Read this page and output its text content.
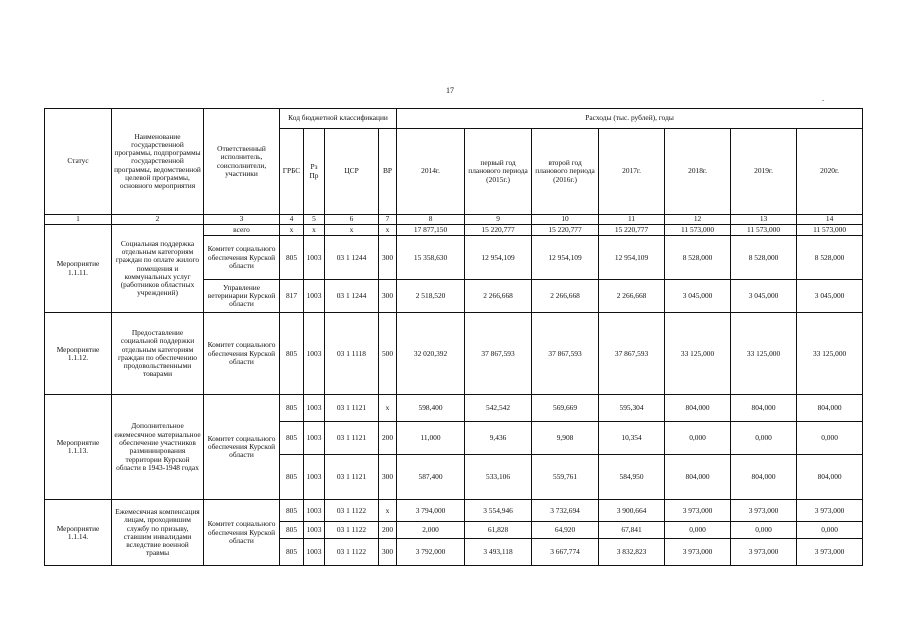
17
.
Статус	Наименование государственной программы, подпрограммы государственной программы, ведомственной целевой программы, основного мероприятия	Ответственный исполнитель, соисполнители, участники	Код бюджетной классификации				Расходы (тыс. рублей), годы						
			ГРБС	Рз Пр	ЦСР	ВР	2014г.	первый год планового периода (2015г.)	второй год планового периода (2016г.)	2017г.	2018г.	2019г.	2020г.
1	2	3	4	5	6	7	8	9	10	11	12	13	14
Мероприятие 1.1.11.	Социальная поддержка отдельным категориям граждан по оплате жилого помещения и коммунальных услуг (работников областных учреждений)	всего	х	х	х	х	17 877,150	15 220,777	15 220,777	15 220,777	11 573,000	11 573,000	11 573,000
		Комитет социального обеспечения Курской области	805	1003	03 1 1244	300	15 358,630	12 954,109	12 954,109	12 954,109	8 528,000	8 528,000	8 528,000
		Управление ветеринарии Курской области	817	1003	03 1 1244	300	2 518,520	2 266,668	2 266,668	2 266,668	3 045,000	3 045,000	3 045,000
Мероприятие 1.1.12.	Предоставление социальной поддержки отдельным категориям граждан по обеспечению продовольственными товарами	Комитет социального обеспечения Курской области	805	1003	03 1 1118	500	32 020,392	37 867,593	37 867,593	37 867,593	33 125,000	33 125,000	33 125,000
Мероприятие 1.1.13.	Дополнительное ежемесячное материальное обеспечение участников размининрования территории Курской области в 1943-1948 годах	Комитет социального обеспечения Курской области	805	1003	03 1 1121	х	598,400	542,542	569,669	595,304	804,000	804,000	804,000
			805	1003	03 1 1121	200	11,000	9,436	9,908	10,354	0,000	0,000	0,000
			805	1003	03 1 1121	300	587,400	533,106	559,761	584,950	804,000	804,000	804,000
Мероприятие 1.1.14.	Ежемесячная компенсация лицам, проходившим службу по призыву, ставшим инвалидами вследствие военной травмы	Комитет социального обеспечения Курской области	805	1003	03 1 1122	х	3 794,000	3 554,946	3 732,694	3 900,664	3 973,000	3 973,000	3 973,000
			805	1003	03 1 1122	200	2,000	61,828	64,920	67,841	0,000	0,000	0,000
			805	1003	03 1 1122	300	3 792,000	3 493,118	3 667,774	3 832,823	3 973,000	3 973,000	3 973,000
